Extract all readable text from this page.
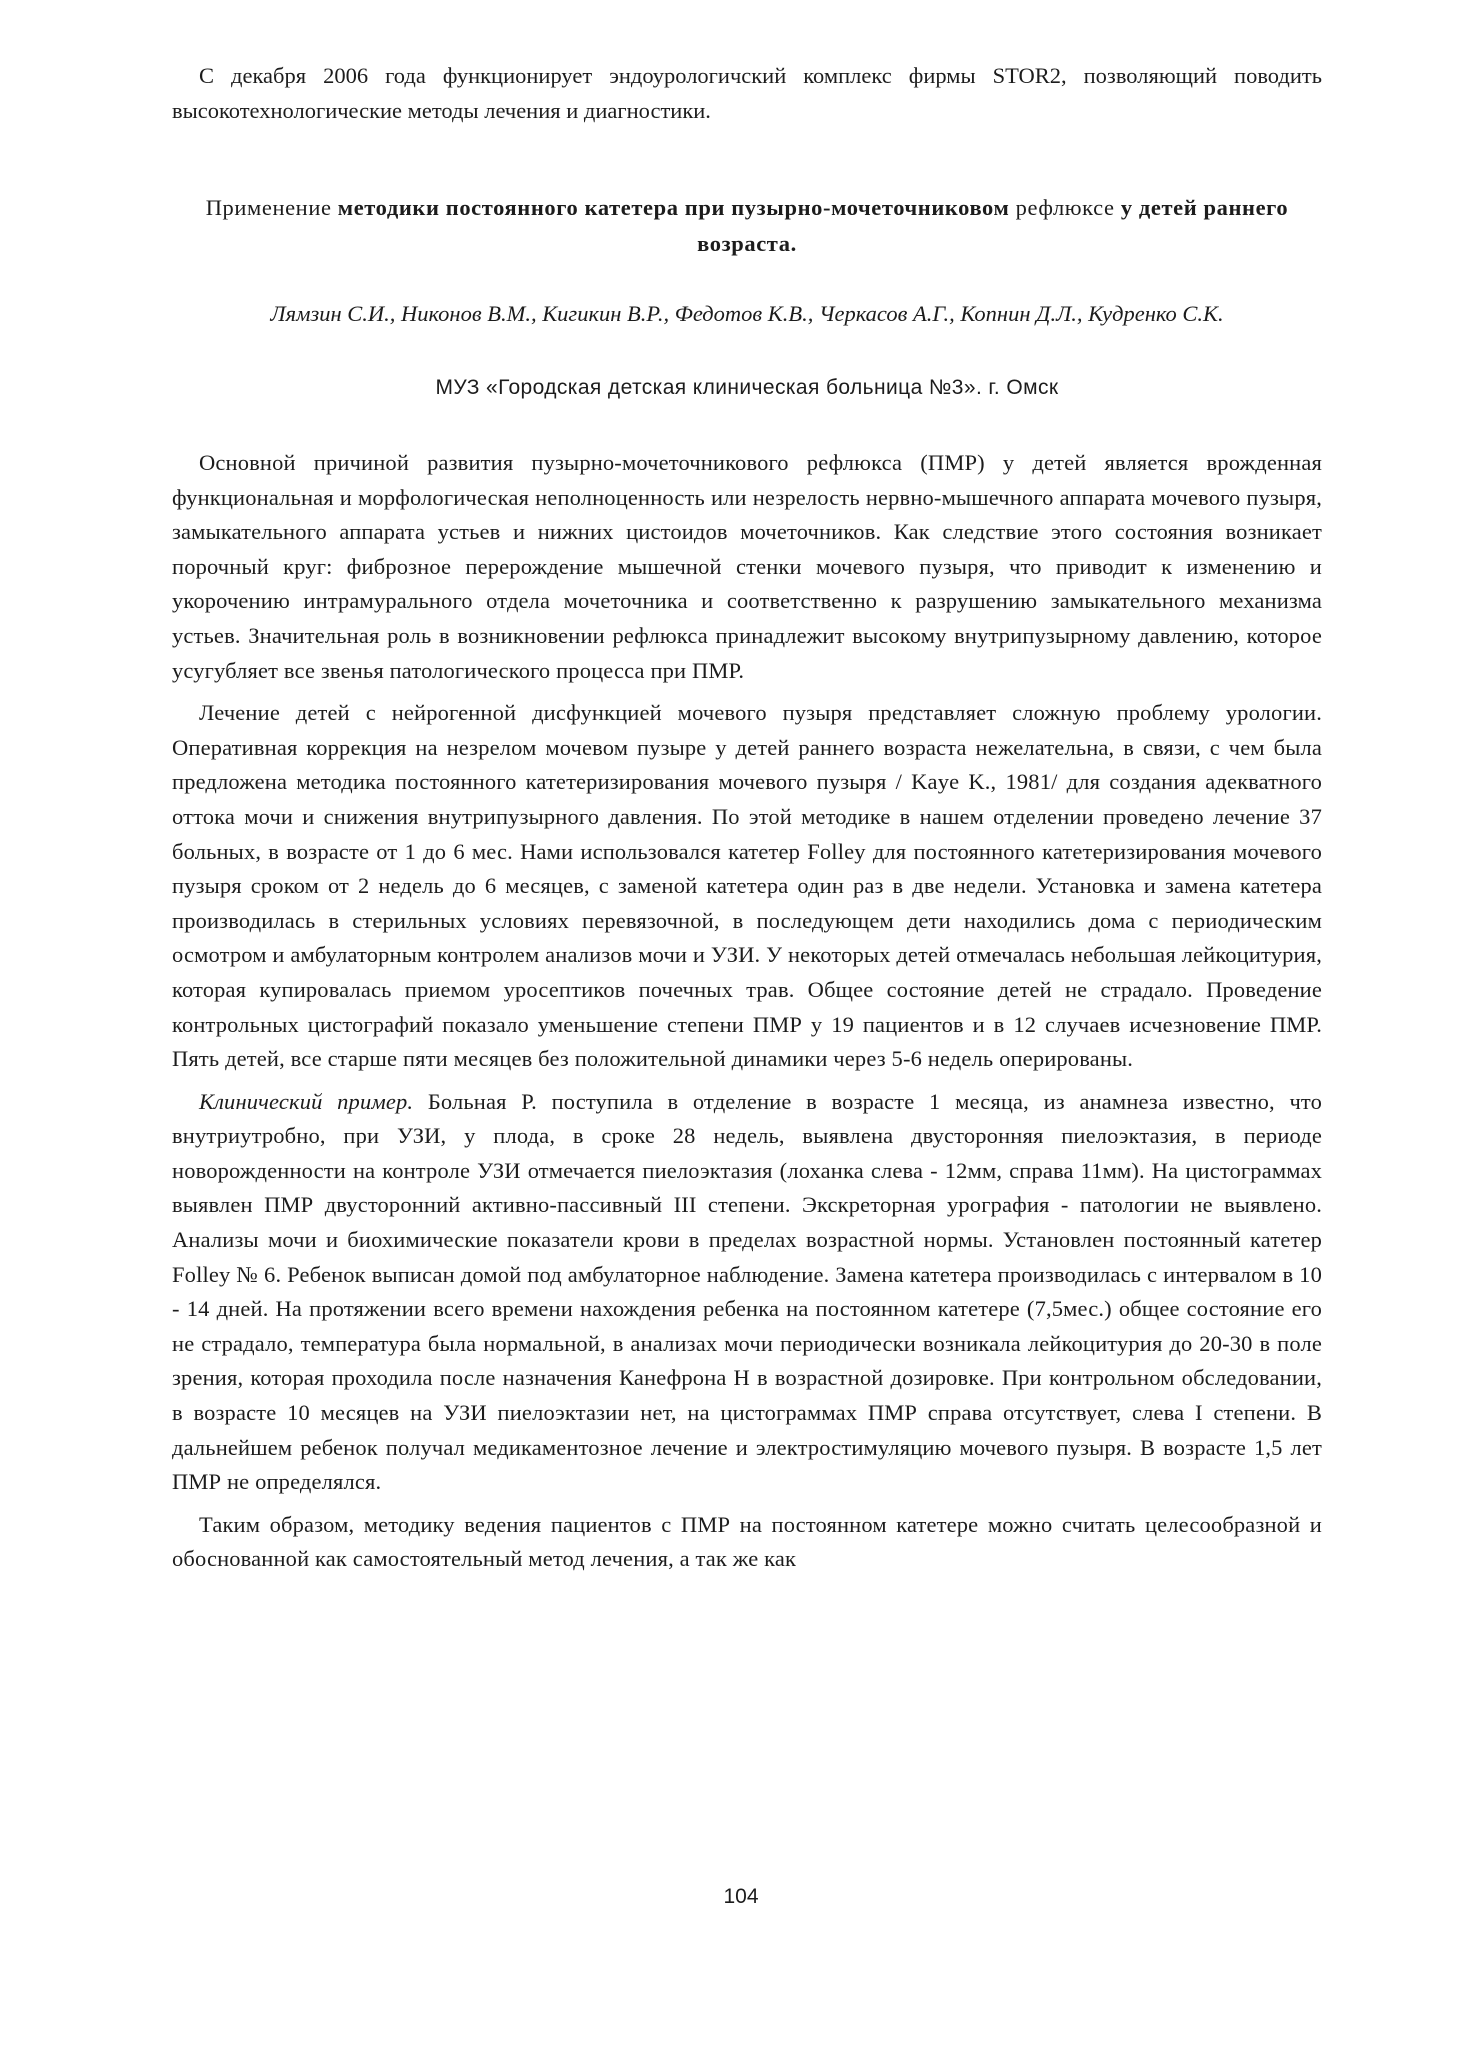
С декабря 2006 года функционирует эндоурологичский комплекс фирмы STOR2, позволяющий поводить высокотехнологические методы лечения и диагностики.

Применение методики постоянного катетера при пузырно-мочеточниковом рефлюксе у детей раннего возраста.
Лямзин С.И., Никонов В.М., Кигикин В.Р., Федотов К.В., Черкасов А.Г., Копнин Д.Л., Кудренко С.К.
МУЗ «Городская детская клиническая больница №3». г. Омск

Основной причиной развития пузырно-мочеточникового рефлюкса (ПМР) у детей является врожденная функциональная и морфологическая неполноценность или незрелость нервно-мышечного аппарата мочевого пузыря, замыкательного аппарата устьев и нижних цистоидов мочеточников. Как следствие этого состояния возникает порочный круг: фиброзное перерождение мышечной стенки мочевого пузыря, что приводит к изменению и укорочению интрамурального отдела мочеточника и соответственно к разрушению замыкательного механизма устьев. Значительная роль в возникновении рефлюкса принадлежит высокому внутрипузырному давлению, которое усугубляет все звенья патологического процесса при ПМР.

Лечение детей с нейрогенной дисфункцией мочевого пузыря представляет сложную проблему урологии. Оперативная коррекция на незрелом мочевом пузыре у детей раннего возраста нежелательна, в связи, с чем была предложена методика постоянного катетеризирования мочевого пузыря / Kaye K., 1981/ для создания адекватного оттока мочи и снижения внутрипузырного давления. По этой методике в нашем отделении проведено лечение 37 больных, в возрасте от 1 до 6 мес. Нами использовался катетер Folley для постоянного катетеризирования мочевого пузыря сроком от 2 недель до 6 месяцев, с заменой катетера один раз в две недели. Установка и замена катетера производилась в стерильных условиях перевязочной, в последующем дети находились дома с периодическим осмотром и амбулаторным контролем анализов мочи и УЗИ. У некоторых детей отмечалась небольшая лейкоцитурия, которая купировалась приемом уросептиков почечных трав. Общее состояние детей не страдало. Проведение контрольных цистографий показало уменьшение степени ПМР у 19 пациентов и в 12 случаев исчезновение ПМР. Пять детей, все старше пяти месяцев без положительной динамики через 5-6 недель оперированы.

Клинический пример. Больная Р. поступила в отделение в возрасте 1 месяца, из анамнеза известно, что внутриутробно, при УЗИ, у плода, в сроке 28 недель, выявлена двусторонняя пиелоэктазия, в периоде новорожденности на контроле УЗИ отмечается пиелоэктазия (лоханка слева - 12мм, справа 11мм). На цистограммах выявлен ПМР двусторонний активно-пассивный III степени. Экскреторная урография - патологии не выявлено. Анализы мочи и биохимические показатели крови в пределах возрастной нормы. Установлен постоянный катетер Folley № 6. Ребенок выписан домой под амбулаторное наблюдение. Замена катетера производилась с интервалом в 10 - 14 дней. На протяжении всего времени нахождения ребенка на постоянном катетере (7,5мес.) общее состояние его не страдало, температура была нормальной, в анализах мочи периодически возникала лейкоцитурия до 20-30 в поле зрения, которая проходила после назначения Канефрона Н в возрастной дозировке. При контрольном обследовании, в возрасте 10 месяцев на УЗИ пиелоэктазии нет, на цистограммах ПМР справа отсутствует, слева I степени. В дальнейшем ребенок получал медикаментозное лечение и электростимуляцию мочевого пузыря. В возрасте 1,5 лет ПМР не определялся.

Таким образом, методику ведения пациентов с ПМР на постоянном катетере можно считать целесообразной и обоснованной как самостоятельный метод лечения, а так же как

104
